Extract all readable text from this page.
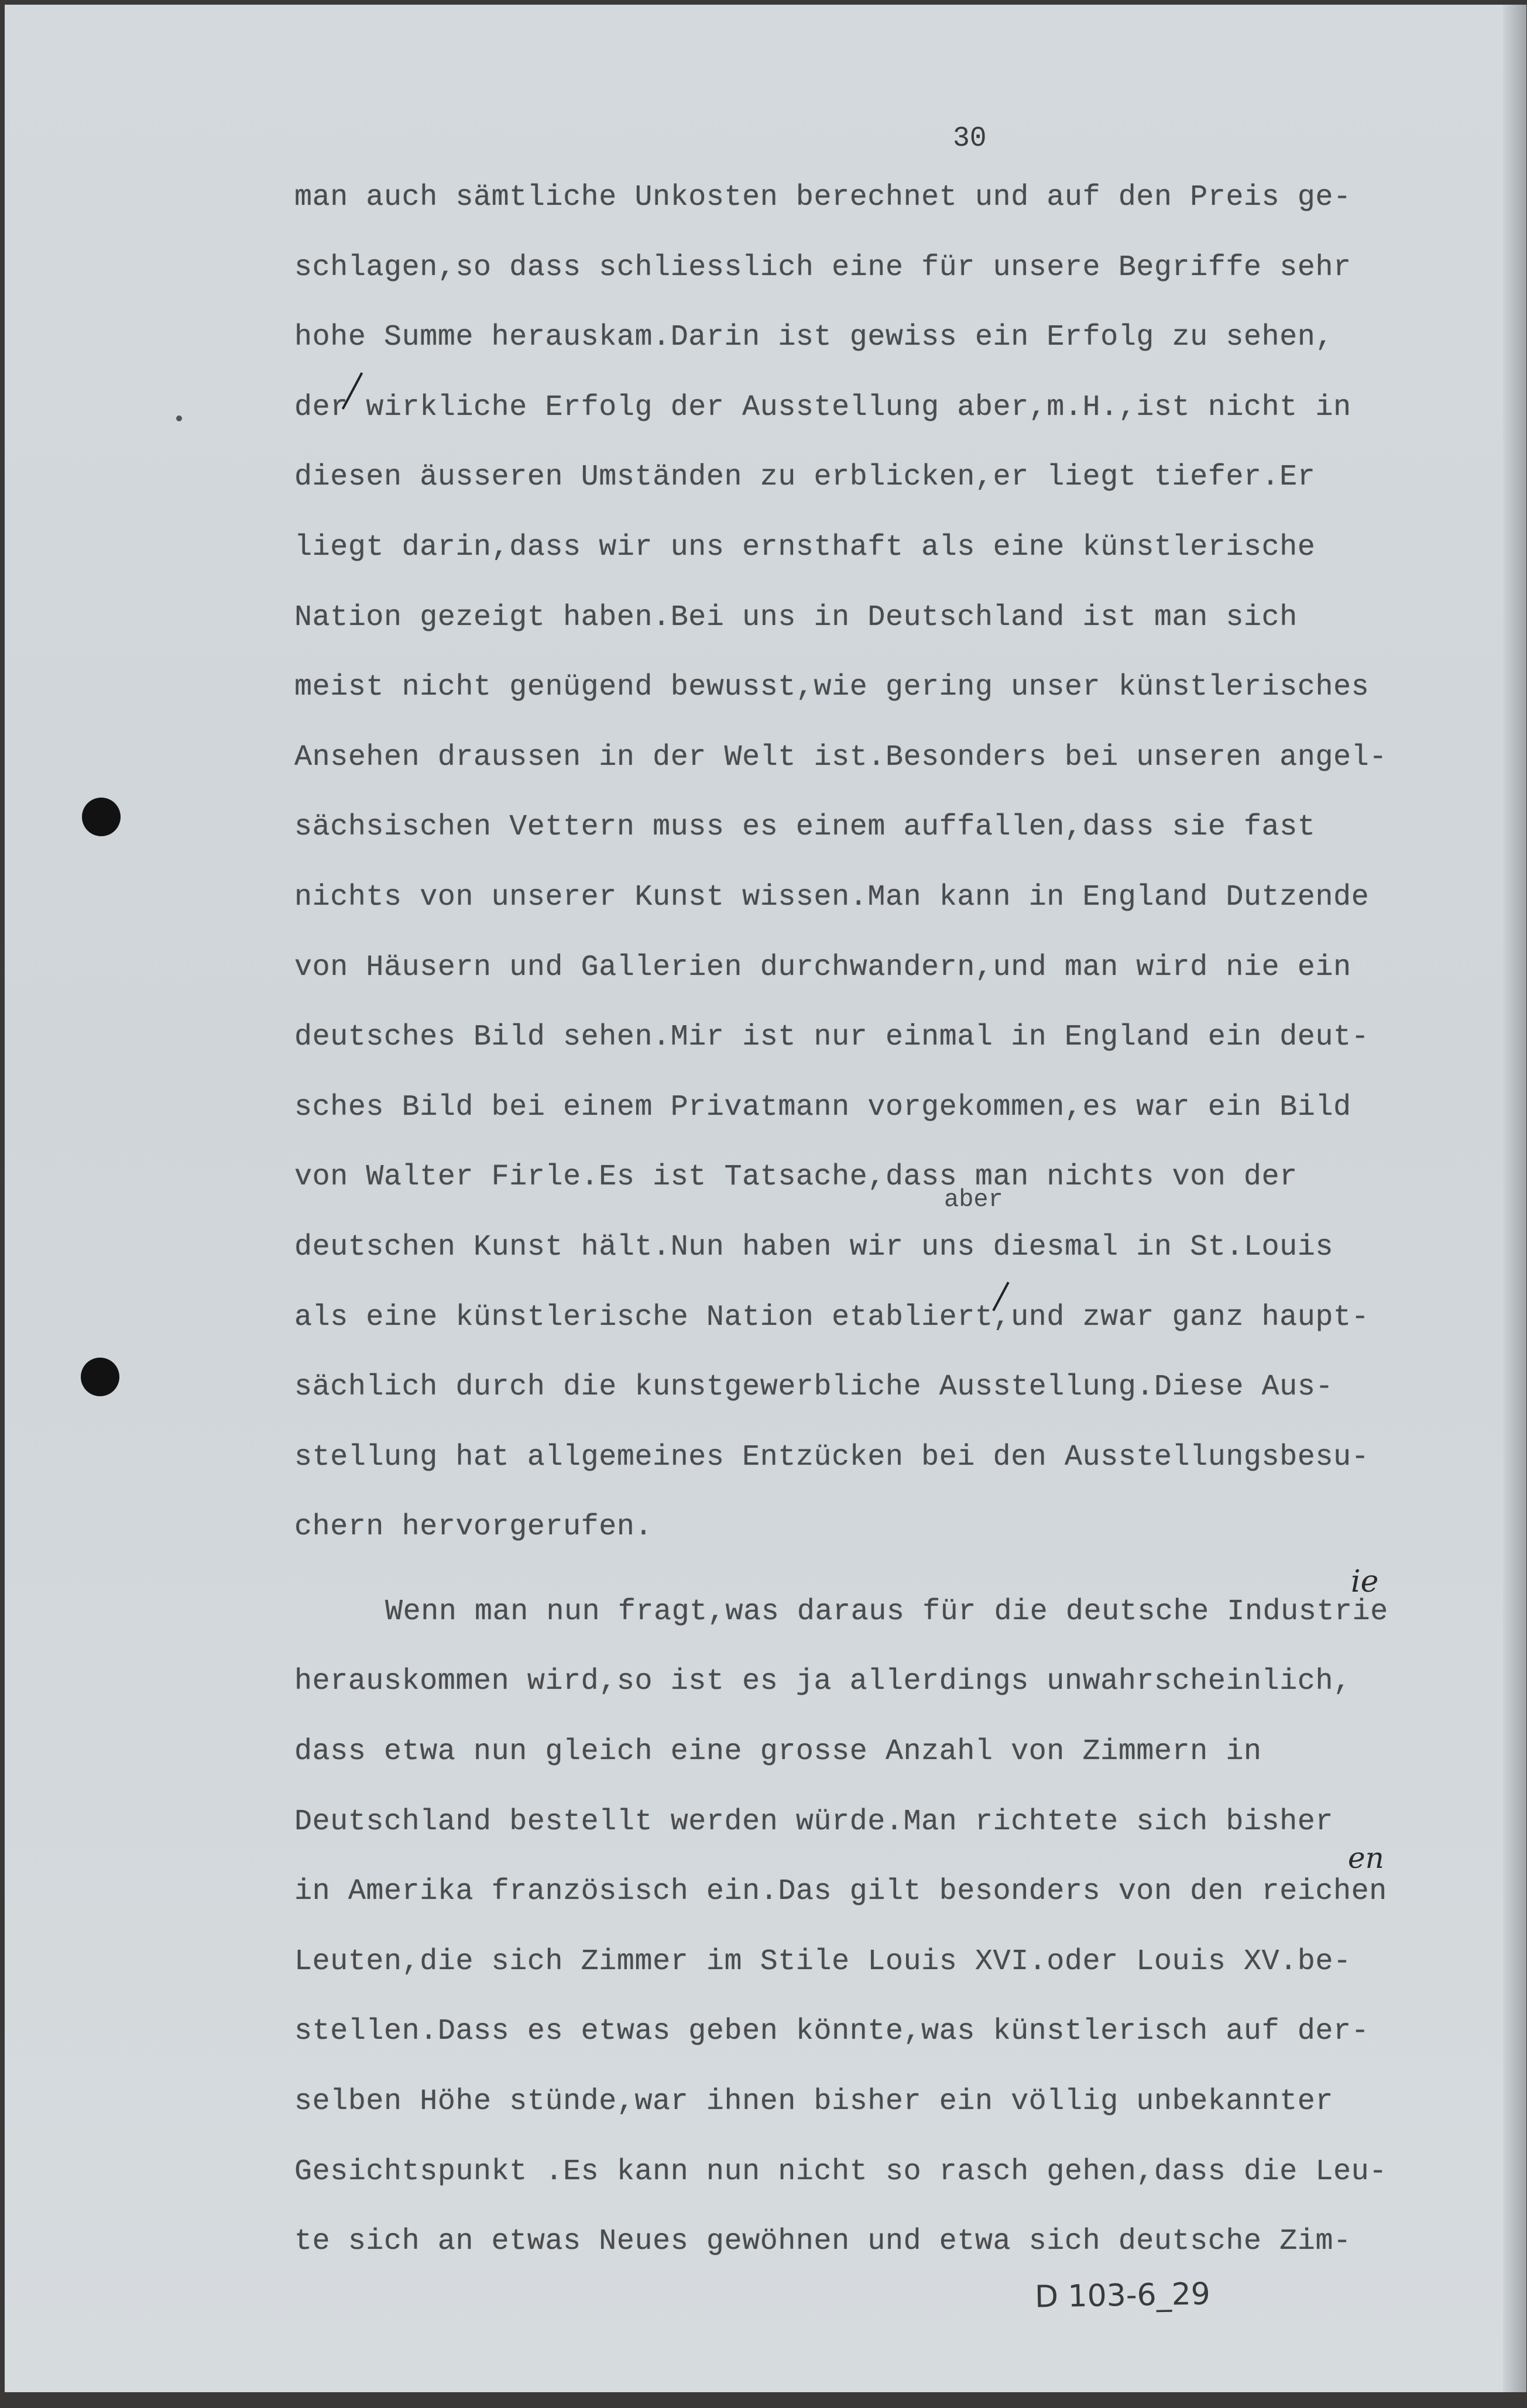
30
man auch sämtliche Unkosten berechnet und auf den Preis ge-
schlagen,so dass schliesslich eine für unsere Begriffe sehr
hohe Summe herauskam.Darin ist gewiss ein Erfolg zu sehen,
der wirkliche Erfolg der Ausstellung aber,m.H.,ist nicht in
diesen äusseren Umständen zu erblicken,er liegt tiefer.Er
liegt darin,dass wir uns ernsthaft als eine künstlerische
Nation gezeigt haben.Bei uns in Deutschland ist man sich
meist nicht genügend bewusst,wie gering unser künstlerisches
Ansehen draussen in der Welt ist.Besonders bei unseren angel-
sächsischen Vettern muss es einem auffallen,dass sie fast
nichts von unserer Kunst wissen.Man kann in England Dutzende
von Häusern und Gallerien durchwandern,und man wird nie ein
deutsches Bild sehen.Mir ist nur einmal in England ein deut-
sches Bild bei einem Privatmann vorgekommen,es war ein Bild
von Walter Firle.Es ist Tatsache,dass man nichts von der
deutschen Kunst hält.Nun haben wir uns diesmal in St.Louis
als eine künstlerische Nation etabliert,und zwar ganz haupt-
sächlich durch die kunstgewerbliche Ausstellung.Diese Aus-
stellung hat allgemeines Entzücken bei den Ausstellungsbesu-
chern hervorgerufen.
Wenn man nun fragt,was daraus für die deutsche Industrie
herauskommen wird,so ist es ja allerdings unwahrscheinlich,
dass etwa nun gleich eine grosse Anzahl von Zimmern in
Deutschland bestellt werden würde.Man richtete sich bisher
in Amerika französisch ein.Das gilt besonders von den reichen
Leuten,die sich Zimmer im Stile Louis XVI.oder Louis XV.be-
stellen.Dass es etwas geben könnte,was künstlerisch auf der-
selben Höhe stünde,war ihnen bisher ein völlig unbekannter
Gesichtspunkt .Es kann nun nicht so rasch gehen,dass die Leu-
te sich an etwas Neues gewöhnen und etwa sich deutsche Zim-
aber
ie
en
D 103-6_29
